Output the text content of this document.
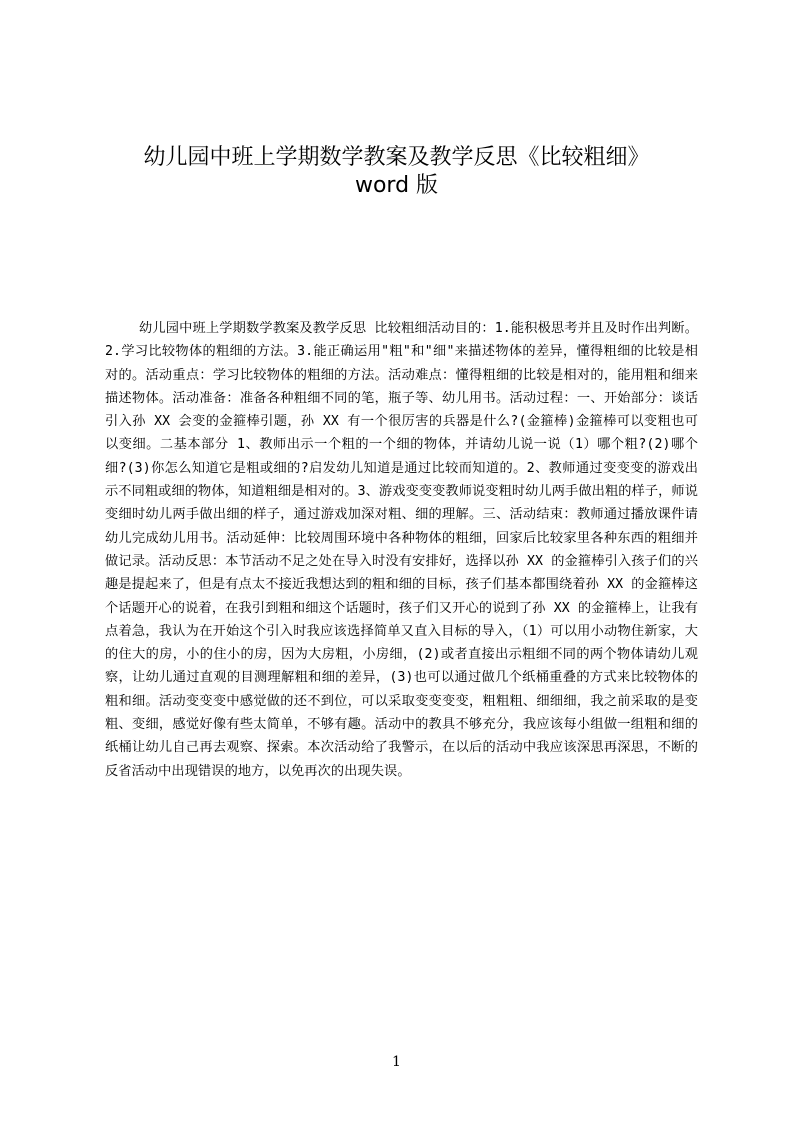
幼儿园中班上学期数学教案及教学反思《比较粗细》
word 版

幼儿园中班上学期数学教案及教学反思 比较粗细活动目的：1.能积极思考并且及时作出判断。2.学习比较物体的粗细的方法。3.能正确运用"粗"和"细"来描述物体的差异，懂得粗细的比较是相对的。活动重点：学习比较物体的粗细的方法。活动难点：懂得粗细的比较是相对的，能用粗和细来描述物体。活动准备：准备各种粗细不同的笔，瓶子等、幼儿用书。活动过程：一、开始部分：谈话引入孙 XX 会变的金箍棒引题，孙 XX 有一个很厉害的兵器是什么?(金箍棒)金箍棒可以变粗也可以变细。二基本部分 1、教师出示一个粗的一个细的物体，并请幼儿说一说（1）哪个粗?(2)哪个细?(3)你怎么知道它是粗或细的?启发幼儿知道是通过比较而知道的。2、教师通过变变变的游戏出示不同粗或细的物体，知道粗细是相对的。3、游戏变变变教师说变粗时幼儿两手做出粗的样子，师说变细时幼儿两手做出细的样子，通过游戏加深对粗、细的理解。三、活动结束：教师通过播放课件请幼儿完成幼儿用书。活动延伸：比较周围环境中各种物体的粗细，回家后比较家里各种东西的粗细并做记录。活动反思：本节活动不足之处在导入时没有安排好，选择以孙 XX 的金箍棒引入孩子们的兴趣是提起来了，但是有点太不接近我想达到的粗和细的目标，孩子们基本都围绕着孙 XX 的金箍棒这个话题开心的说着，在我引到粗和细这个话题时，孩子们又开心的说到了孙 XX 的金箍棒上，让我有点着急，我认为在开始这个引入时我应该选择简单又直入目标的导入，（1）可以用小动物住新家，大的住大的房，小的住小的房，因为大房粗，小房细，(2)或者直接出示粗细不同的两个物体请幼儿观察，让幼儿通过直观的目测理解粗和细的差异，(3)也可以通过做几个纸桶重叠的方式来比较物体的粗和细。活动变变变中感觉做的还不到位，可以采取变变变变，粗粗粗、细细细，我之前采取的是变粗、变细，感觉好像有些太简单，不够有趣。活动中的教具不够充分，我应该每小组做一组粗和细的纸桶让幼儿自己再去观察、探索。本次活动给了我警示，在以后的活动中我应该深思再深思，不断的反省活动中出现错误的地方，以免再次的出现失误。

1
